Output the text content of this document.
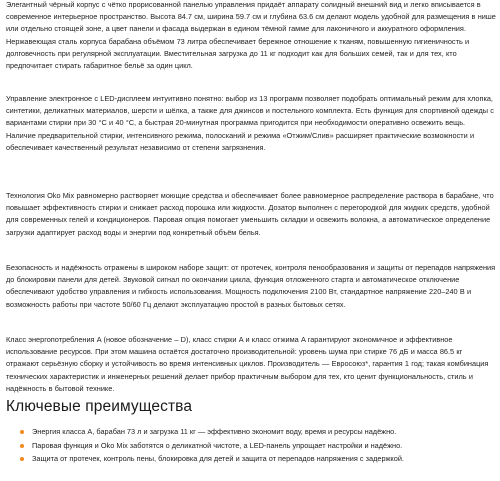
Элегантный чёрный корпус с чётко прорисованной панелью управления придаёт аппарату солидный внешний вид и легко вписывается в современное интерьерное пространство. Высота 84.7 см, ширина 59.7 см и глубина 63.6 см делают модель удобной для размещения в нише или отдельно стоящей зоне, а цвет панели и фасада выдержан в едином тёмной гамме для лаконичного и аккуратного оформления. Нержавеющая сталь корпуса барабана объёмом 73 литра обеспечивает бережное отношение к тканям, повышенную гигиеничность и долговечность при регулярной эксплуатации. Вместительная загрузка до 11 кг подходит как для больших семей, так и для тех, кто предпочитает стирать габаритное бельё за один цикл.

Управление электронное с LED-дисплеем интуитивно понятно: выбор из 13 программ позволяет подобрать оптимальный режим для хлопка, синтетики, деликатных материалов, шерсти и шёлка, а также для джинсов и постельного комплекта. Есть функция для спортивной одежды с вариантами стирки при 30 °C и 40 °C, а быстрая 20-минутная программа пригодится при необходимости оперативно освежить вещь. Наличие предварительной стирки, интенсивного режима, полосканий и режима «Отжим/Слив» расширяет практические возможности и обеспечивает качественный результат независимо от степени загрязнения.

Технология Oko Mix равномерно растворяет моющие средства и обеспечивает более равномерное распределение раствора в барабане, что повышает эффективность стирки и снижает расход порошка или жидкости. Дозатор выполнен с перегородкой для жидких средств, удобной для современных гелей и кондиционеров. Паровая опция помогает уменьшить складки и освежить волокна, а автоматическое определение загрузки адаптирует расход воды и энергии под конкретный объём белья.

Безопасность и надёжность отражены в широком наборе защит: от протечек, контроля пенообразования и защиты от перепадов напряжения до блокировки панели для детей. Звуковой сигнал по окончании цикла, функция отложенного старта и автоматическое отключение обеспечивают удобство управления и гибкость использования. Мощность подключения 2100 Вт, стандартное напряжение 220–240 В и возможность работы при частоте 50/60 Гц делают эксплуатацию простой в разных бытовых сетях.

Класс энергопотребления A (новое обозначение – D), класс стирки A и класс отжима A гарантируют экономичное и эффективное использование ресурсов. При этом машина остаётся достаточно производительной: уровень шума при стирке 76 дБ и масса 86.5 кг отражают серьёзную сборку и устойчивость во время интенсивных циклов. Производитель — Евросоюз*, гарантия 1 год; такая комбинация технических характеристик и инженерных решений делает прибор практичным выбором для тех, кто ценит функциональность, стиль и надёжность в бытовой технике.

Ключевые преимущества
Энергия класса A, барабан 73 л и загрузка 11 кг — эффективно экономит воду, время и ресурсы надёжно.
Паровая функция и Oko Mix заботятся о деликатной чистоте, а LED-панель упрощает настройки и надёжно.
Защита от протечек, контроль пены, блокировка для детей и защита от перепадов напряжения с задержкой.
